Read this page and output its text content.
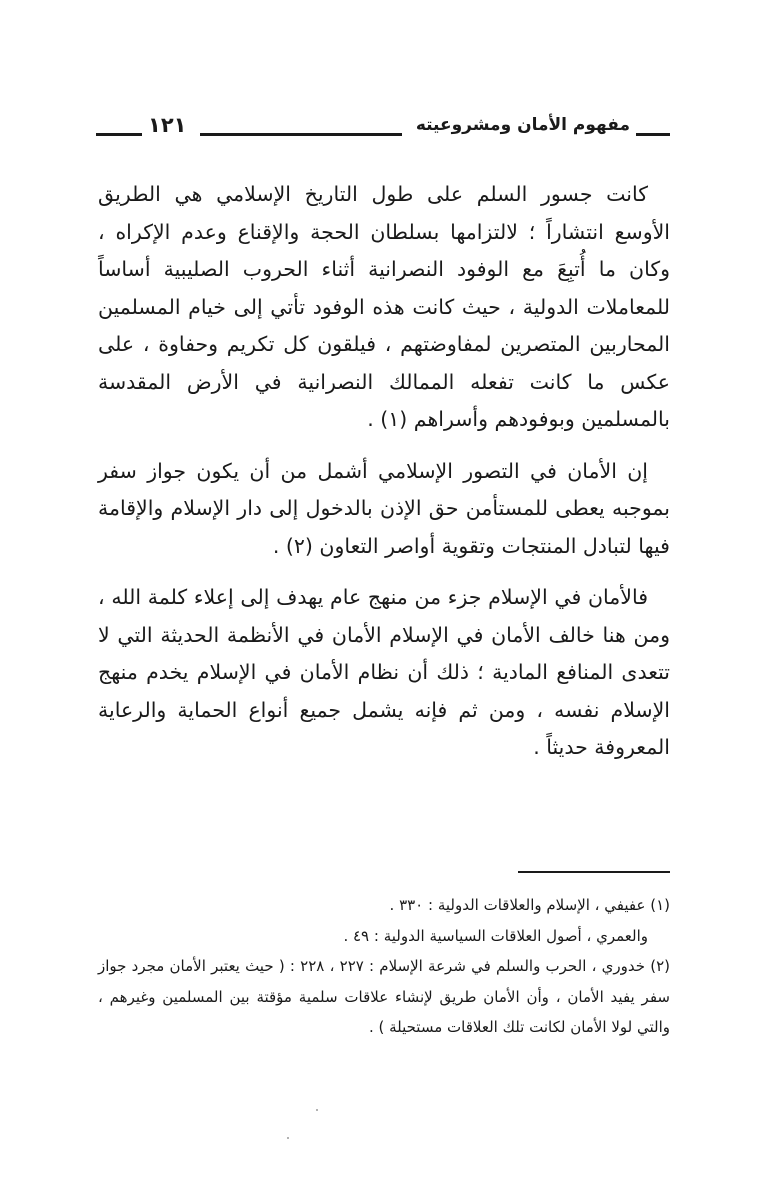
مفهوم الأمان ومشروعيته
١٢١

كانت جسور السلم على طول التاريخ الإسلامي هي الطريق الأوسع انتشاراً ؛ لالتزامها بسلطان الحجة والإقناع وعدم الإكراه ، وكان ما أُتبِعَ مع الوفود النصرانية أثناء الحروب الصليبية أساساً للمعاملات الدولية ، حيث كانت هذه الوفود تأتي إلى خيام المسلمين المحاربين المتصرين لمفاوضتهم ، فيلقون كل تكريم وحفاوة ، على عكس ما كانت تفعله الممالك النصرانية في الأرض المقدسة بالمسلمين وبوفودهم وأسراهم (١) .

إن الأمان في التصور الإسلامي أشمل من أن يكون جواز سفر بموجبه يعطى للمستأمن حق الإذن بالدخول إلى دار الإسلام والإقامة فيها لتبادل المنتجات وتقوية أواصر التعاون (٢) .

فالأمان في الإسلام جزء من منهج عام يهدف إلى إعلاء كلمة الله ، ومن هنا خالف الأمان في الإسلام الأمان في الأنظمة الحديثة التي لا تتعدى المنافع المادية ؛ ذلك أن نظام الأمان في الإسلام يخدم منهج الإسلام نفسه ، ومن ثم فإنه يشمل جميع أنواع الحماية والرعاية المعروفة حديثاً .

(١) عفيفي ، الإسلام والعلاقات الدولية : ٣٣٠ .

والعمري ، أصول العلاقات السياسية الدولية : ٤٩ .

(٢) خدوري ، الحرب والسلم في شرعة الإسلام : ٢٢٧ ، ٢٢٨ : ( حيث يعتبر الأمان مجرد جواز سفر يفيد الأمان ، وأن الأمان طريق لإنشاء علاقات سلمية مؤقتة بين المسلمين وغيرهم ، والتي لولا الأمان لكانت تلك العلاقات مستحيلة ) .
